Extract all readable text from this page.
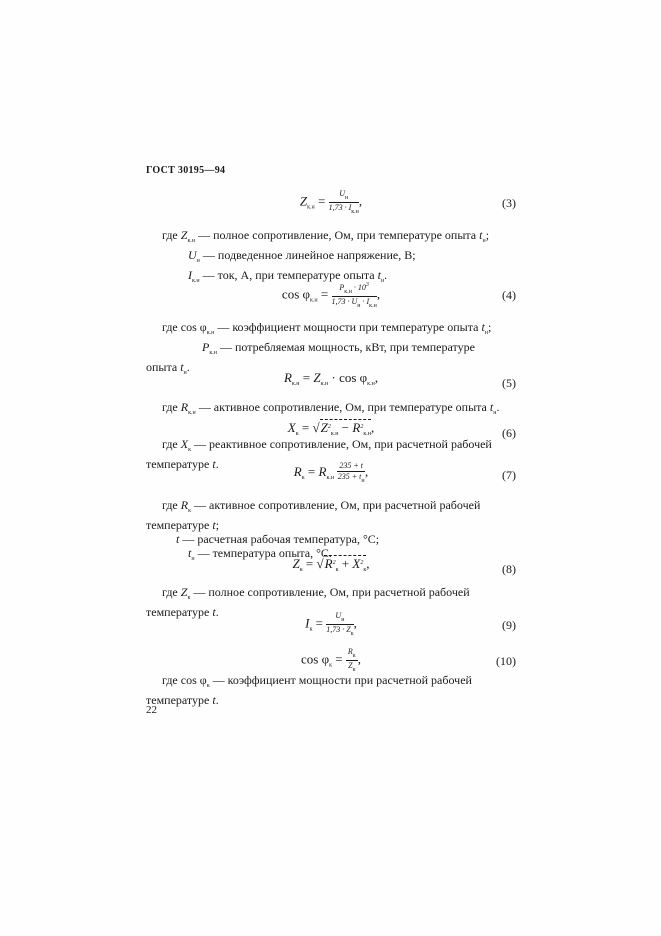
ГОСТ 30195—94
$Z_{к.н} = \frac{U_н}{1,73 \cdot I_{к.н}}$ ,	(3)
где $Z_{к.н}$ — полное сопротивление, Ом, при температуре опыта $t_н$;
$U_н$ — подведенное линейное напряжение, В;
$I_{к.н}$ — ток, А, при температуре опыта $t_н$.
$\cos \varphi_{к.н} = \frac{P_{к.н} \cdot 10^3}{1,73 \cdot U_н \cdot I_{к.н}}$ ,	(4)
где $\cos \varphi_{к.н}$ — коэффициент мощности при температуре опыта $t_н$;
$P_{к.н}$ — потребляемая мощность, кВт, при температуре
опыта $t_н$.
$R_{к.н} = Z_{к.н} \cdot \cos \varphi_{к.н}$,	(5)
где $R_{к.н}$ — активное сопротивление, Ом, при температуре опыта $t_н$.
$X_к = √Z^2_{к.н} - R^2_{к.н}$,	(6)
где $X_к$ — реактивное сопротивление, Ом, при расчетной рабочей
температуре t.	$R_к = R_{к.н} \frac{235 + t}{235 + t_н}$ ,	(7)
где $R_к$ — активное сопротивление, Ом, при расчетной рабочей
температуре t;
t — расчетная рабочая температура, °С;
$t_н$ — температура опыта, °С.
$Z_к = √R^2_к + X^2_к$,	(8)
где $Z_к$ — полное сопротивление, Ом, при расчетной рабочей
температуре t.
$I_к = \frac{U_н}{1,73 \cdot Z_к}$ ,	(9)
$\cos \varphi_к = \frac{R_к}{Z_к}$ ,	(10)
где $\cos \varphi_к$ — коэффициент мощности при расчетной рабочей
температуре t.
22
